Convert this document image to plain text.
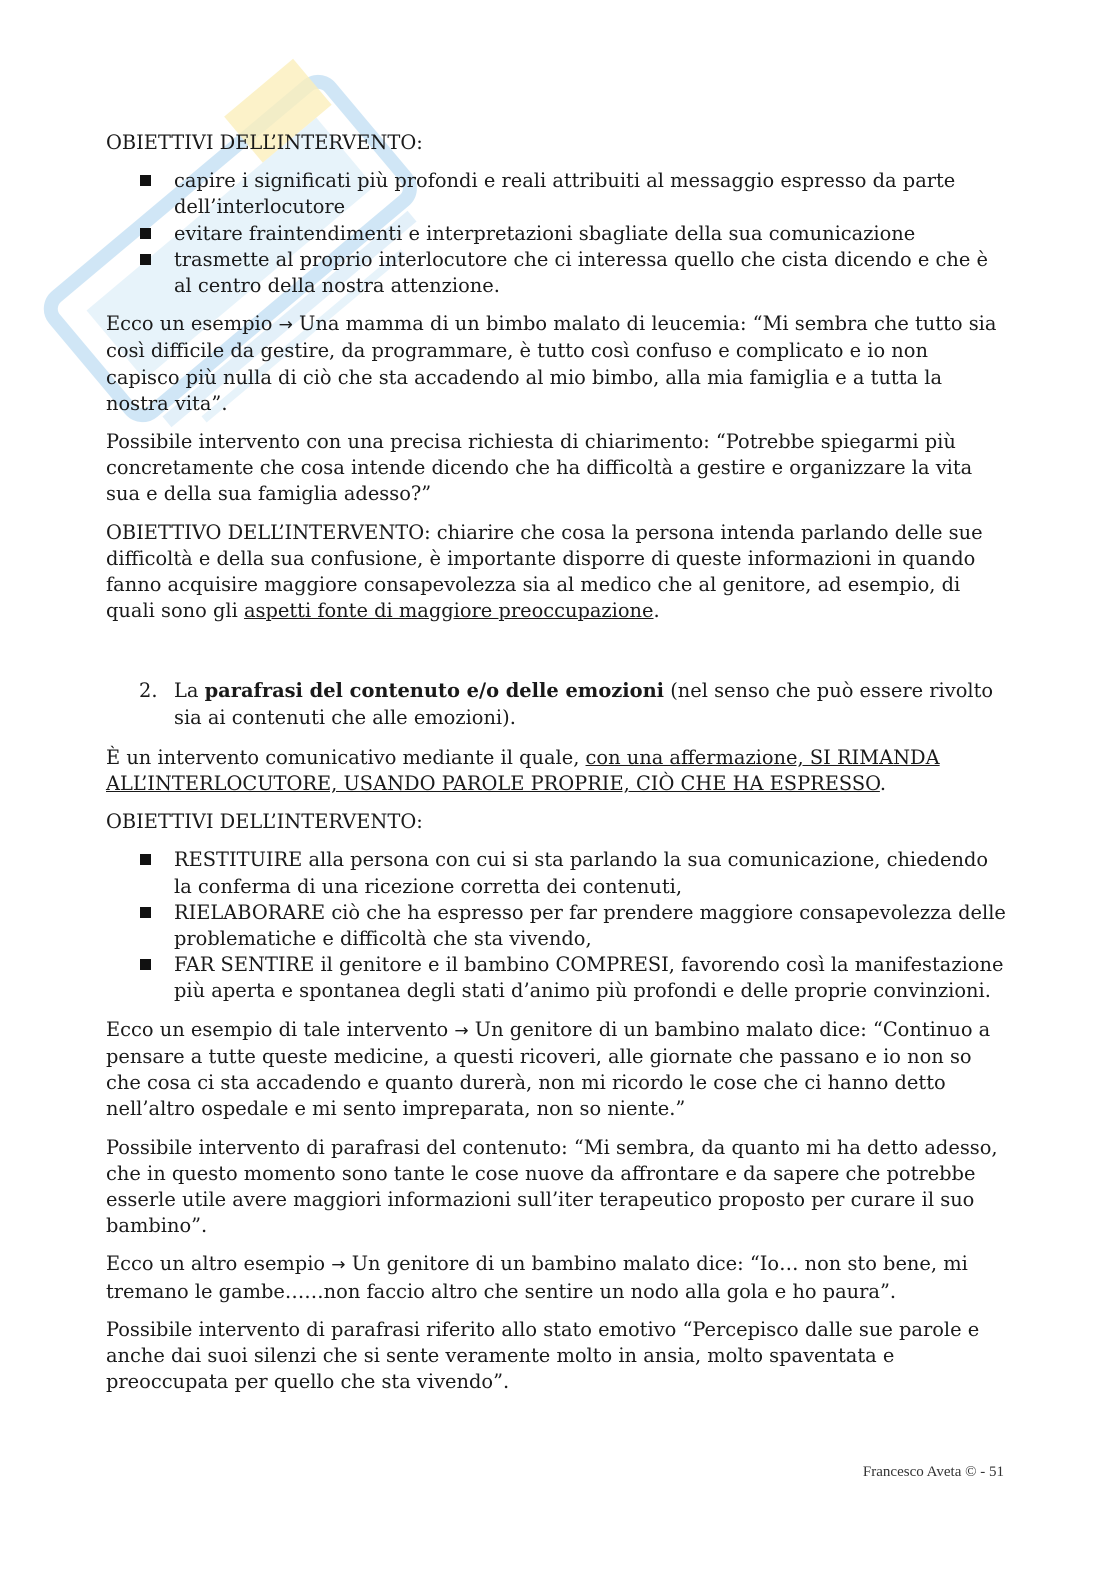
OBIETTIVI DELL’INTERVENTO:

capire i significati più profondi e reali attribuiti al messaggio espresso da parte dell’interlocutore
evitare fraintendimenti e interpretazioni sbagliate della sua comunicazione
trasmette al proprio interlocutore che ci interessa quello che cista dicendo e che è al centro della nostra attenzione.

Ecco un esempio → Una mamma di un bimbo malato di leucemia: “Mi sembra che tutto sia così difficile da gestire, da programmare, è tutto così confuso e complicato e io non capisco più nulla di ciò che sta accadendo al mio bimbo, alla mia famiglia e a tutta la nostra vita”.

Possibile intervento con una precisa richiesta di chiarimento: “Potrebbe spiegarmi più concretamente che cosa intende dicendo che ha difficoltà a gestire e organizzare la vita sua e della sua famiglia adesso?”

OBIETTIVO DELL’INTERVENTO: chiarire che cosa la persona intenda parlando delle sue difficoltà e della sua confusione, è importante disporre di queste informazioni in quando fanno acquisire maggiore consapevolezza sia al medico che al genitore, ad esempio, di quali sono gli aspetti fonte di maggiore preoccupazione.

2. La parafrasi del contenuto e/o delle emozioni (nel senso che può essere rivolto sia ai contenuti che alle emozioni).

È un intervento comunicativo mediante il quale, con una affermazione, SI RIMANDA ALL’INTERLOCUTORE, USANDO PAROLE PROPRIE, CIÒ CHE HA ESPRESSO.

OBIETTIVI DELL’INTERVENTO:

RESTITUIRE alla persona con cui si sta parlando la sua comunicazione, chiedendo la conferma di una ricezione corretta dei contenuti,
RIELABORARE ciò che ha espresso per far prendere maggiore consapevolezza delle problematiche e difficoltà che sta vivendo,
FAR SENTIRE il genitore e il bambino COMPRESI, favorendo così la manifestazione più aperta e spontanea degli stati d’animo più profondi e delle proprie convinzioni.

Ecco un esempio di tale intervento → Un genitore di un bambino malato dice: “Continuo a pensare a tutte queste medicine, a questi ricoveri, alle giornate che passano e io non so che cosa ci sta accadendo e quanto durerà, non mi ricordo le cose che ci hanno detto nell’altro ospedale e mi sento impreparata, non so niente.”

Possibile intervento di parafrasi del contenuto: “Mi sembra, da quanto mi ha detto adesso, che in questo momento sono tante le cose nuove da affrontare e da sapere che potrebbe esserle utile avere maggiori informazioni sull’iter terapeutico proposto per curare il suo bambino”.

Ecco un altro esempio → Un genitore di un bambino malato dice: “Io… non sto bene, mi tremano le gambe……non faccio altro che sentire un nodo alla gola e ho paura”.

Possibile intervento di parafrasi riferito allo stato emotivo “Percepisco dalle sue parole e anche dai suoi silenzi che si sente veramente molto in ansia, molto spaventata e preoccupata per quello che sta vivendo”.

Francesco Aveta © - 51
